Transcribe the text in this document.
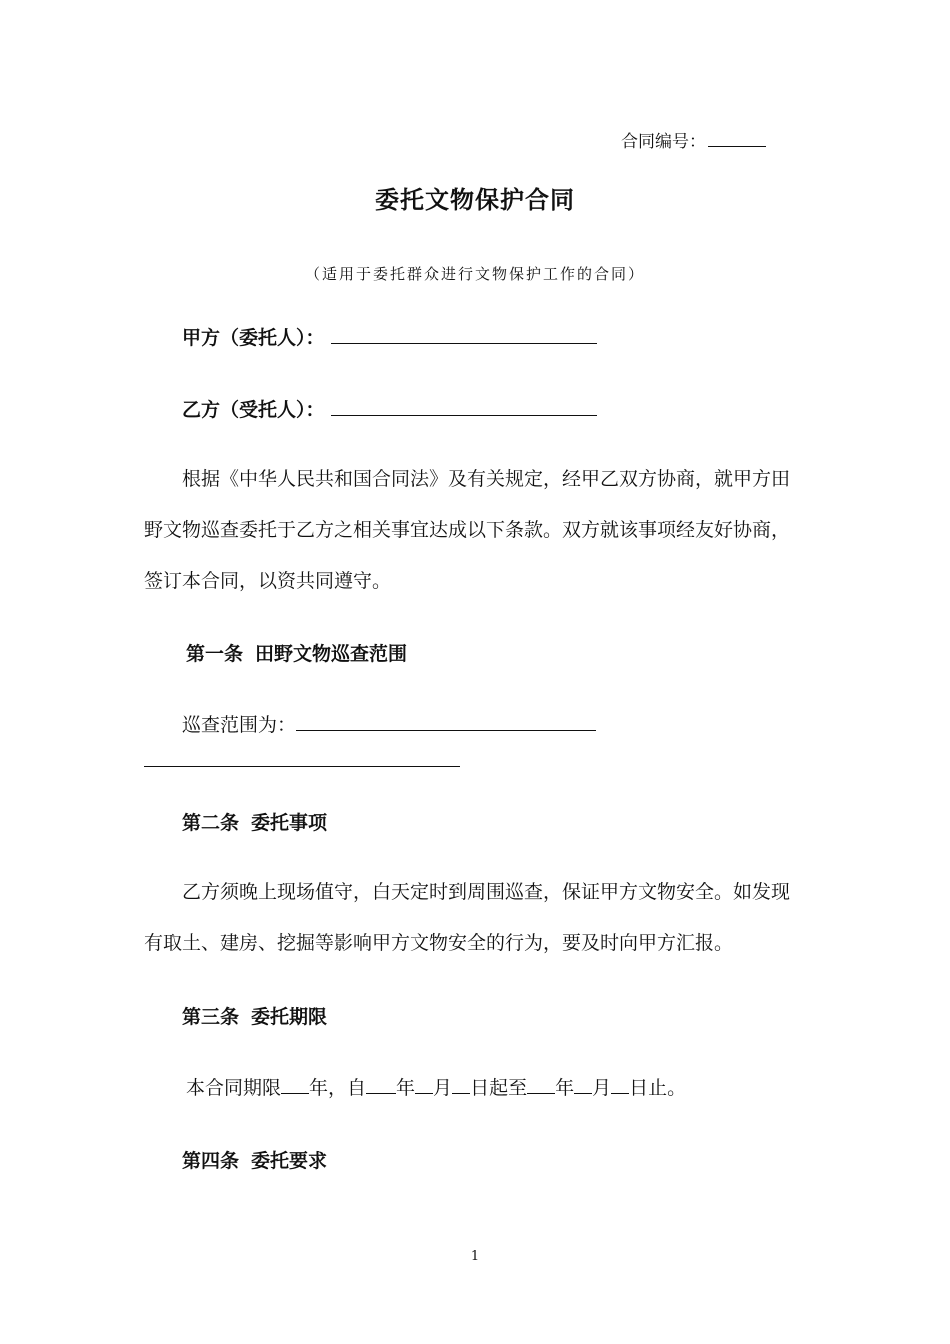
合同编号：
委托文物保护合同
（适用于委托群众进行文物保护工作的合同）
甲方（委托人）：
乙方（受托人）：
根据《中华人民共和国合同法》及有关规定，经甲乙双方协商，就甲方田
野文物巡查委托于乙方之相关事宜达成以下条款。双方就该事项经友好协商，
签订本合同，以资共同遵守。
第一条 田野文物巡查范围
巡查范围为：
第二条 委托事项
乙方须晚上现场值守，白天定时到周围巡查，保证甲方文物安全。如发现
有取土、建房、挖掘等影响甲方文物安全的行为，要及时向甲方汇报。
第三条 委托期限
本合同期限 年，自 年 月 日起至 年 月 日止。
第四条 委托要求
1
